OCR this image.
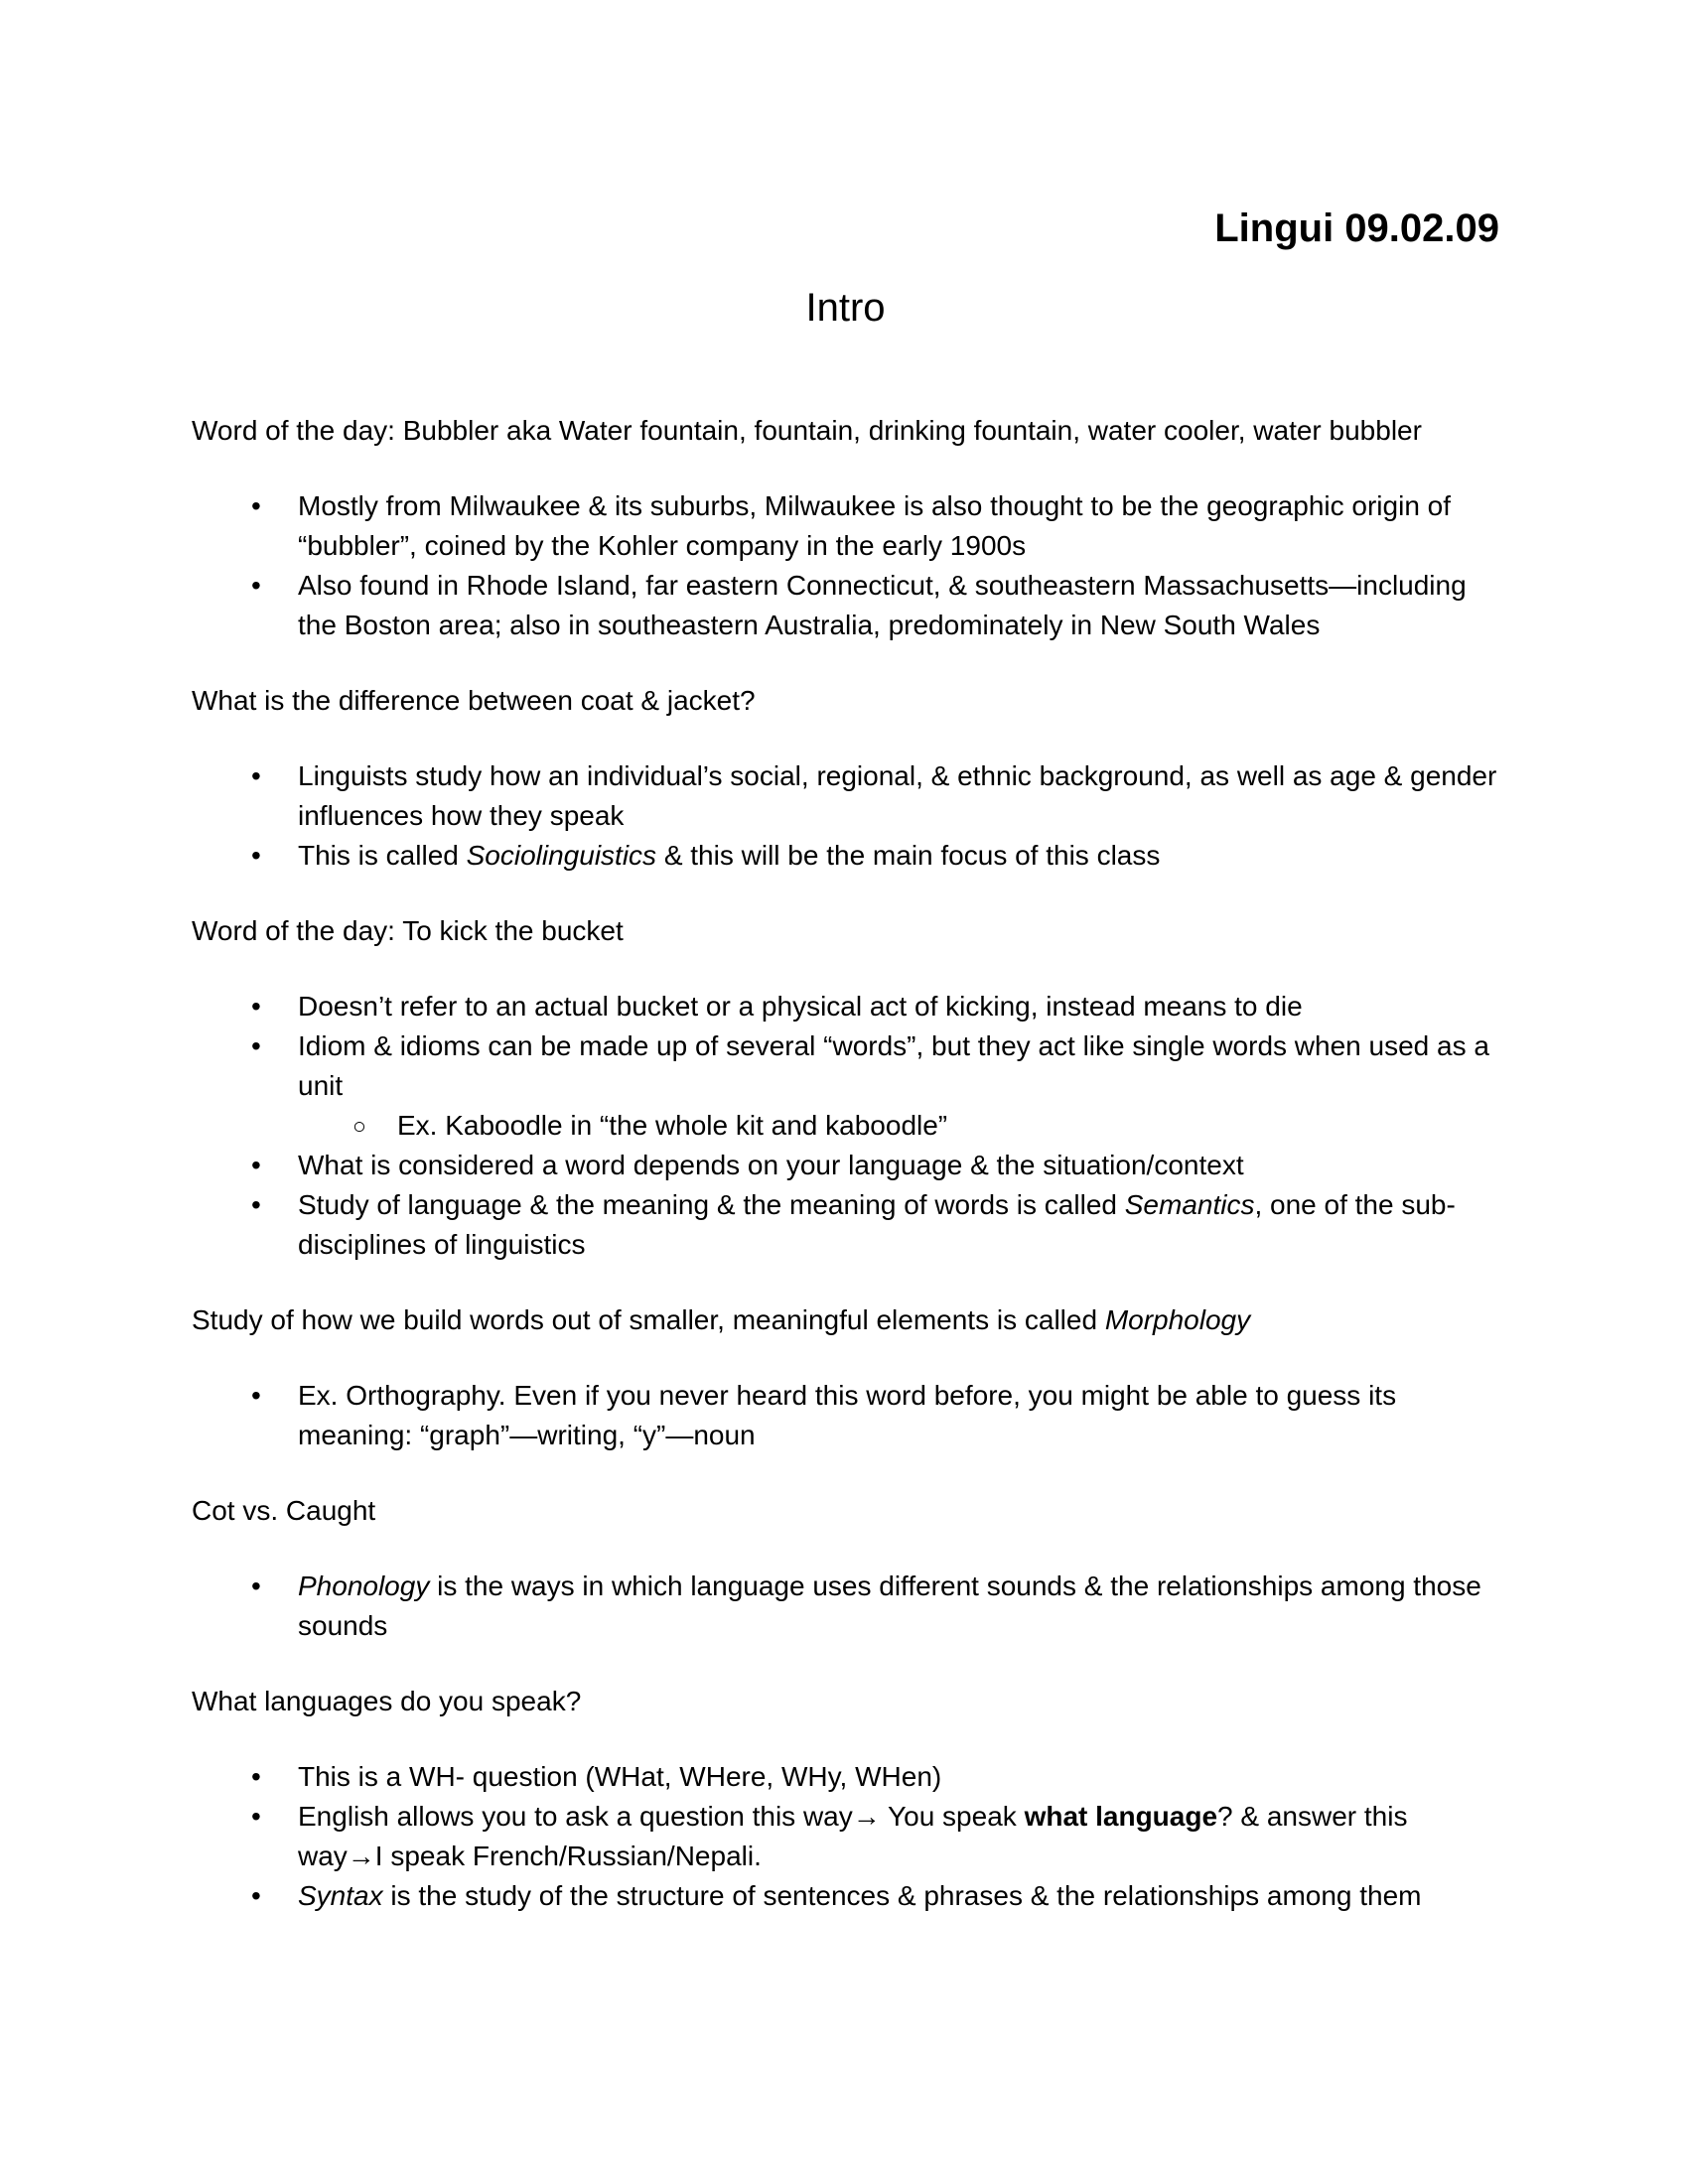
Lingui 09.02.09

Intro

Word of the day: Bubbler aka Water fountain, fountain, drinking fountain, water cooler, water bubbler

• Mostly from Milwaukee & its suburbs, Milwaukee is also thought to be the geographic origin of “bubbler”, coined by the Kohler company in the early 1900s
• Also found in Rhode Island, far eastern Connecticut, & southeastern Massachusetts—including the Boston area; also in southeastern Australia, predominately in New South Wales

What is the difference between coat & jacket?

• Linguists study how an individual’s social, regional, & ethnic background, as well as age & gender influences how they speak
• This is called Sociolinguistics & this will be the main focus of this class

Word of the day: To kick the bucket

• Doesn’t refer to an actual bucket or a physical act of kicking, instead means to die
• Idiom & idioms can be made up of several “words”, but they act like single words when used as a unit
○ Ex. Kaboodle in “the whole kit and kaboodle”
• What is considered a word depends on your language & the situation/context
• Study of language & the meaning & the meaning of words is called Semantics, one of the sub-disciplines of linguistics

Study of how we build words out of smaller, meaningful elements is called Morphology

• Ex. Orthography. Even if you never heard this word before, you might be able to guess its meaning: “graph”—writing, “y”—noun

Cot vs. Caught

• Phonology is the ways in which language uses different sounds & the relationships among those sounds

What languages do you speak?

• This is a WH- question (WHat, WHere, WHy, WHen)
• English allows you to ask a question this way→ You speak what language? & answer this way→I speak French/Russian/Nepali.
• Syntax is the study of the structure of sentences & phrases & the relationships among them
